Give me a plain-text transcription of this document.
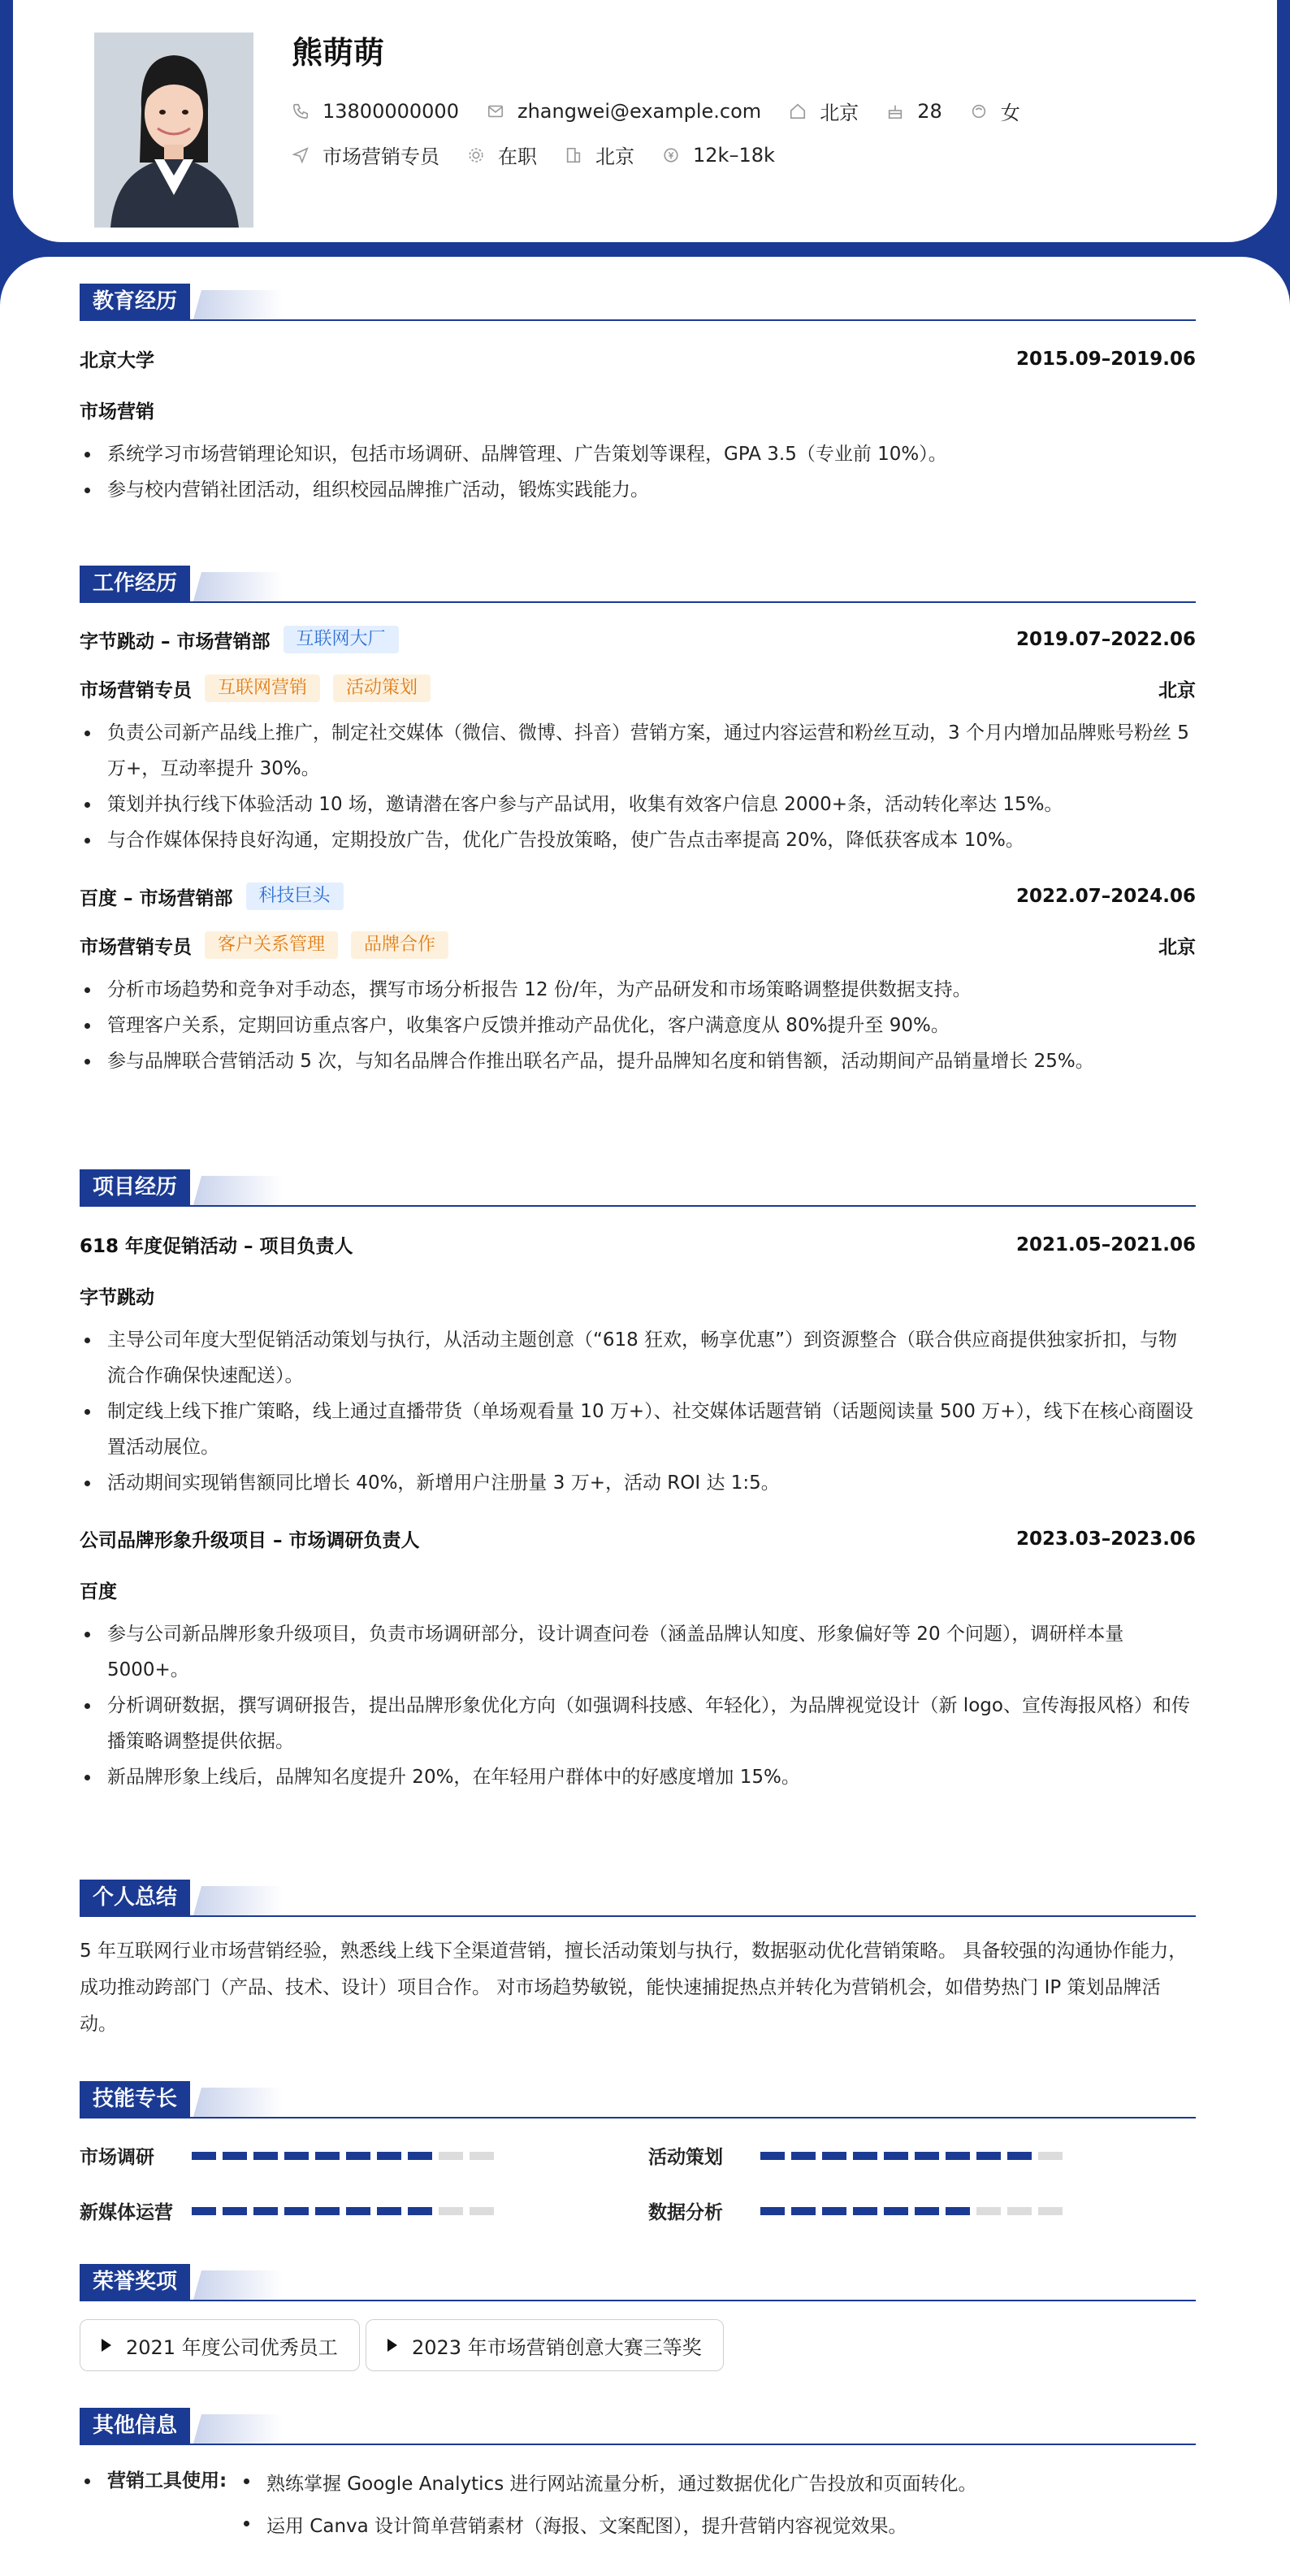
熊萌萌
13800000000	zhangwei@example.com	北京	28	女
市场营销专员	在职	北京	12k–18k
教育经历
北京大学	2015.09–2019.06
市场营销
系统学习市场营销理论知识，包括市场调研、品牌管理、广告策划等课程，GPA 3.5（专业前 10%）。
参与校内营销社团活动，组织校园品牌推广活动，锻炼实践能力。
工作经历
字节跳动 – 市场营销部	互联网大厂	2019.07–2022.06
市场营销专员	互联网营销	活动策划	北京
负责公司新产品线上推广，制定社交媒体（微信、微博、抖音）营销方案，通过内容运营和粉丝互动，3 个月内增加品牌账号粉丝 5 万+，互动率提升 30%。
策划并执行线下体验活动 10 场，邀请潜在客户参与产品试用，收集有效客户信息 2000+条，活动转化率达 15%。
与合作媒体保持良好沟通，定期投放广告，优化广告投放策略，使广告点击率提高 20%，降低获客成本 10%。
百度 – 市场营销部	科技巨头	2022.07–2024.06
市场营销专员	客户关系管理	品牌合作	北京
分析市场趋势和竞争对手动态，撰写市场分析报告 12 份/年，为产品研发和市场策略调整提供数据支持。
管理客户关系，定期回访重点客户，收集客户反馈并推动产品优化，客户满意度从 80%提升至 90%。
参与品牌联合营销活动 5 次，与知名品牌合作推出联名产品，提升品牌知名度和销售额，活动期间产品销量增长 25%。
项目经历
618 年度促销活动 – 项目负责人	2021.05–2021.06
字节跳动
主导公司年度大型促销活动策划与执行，从活动主题创意（“618 狂欢，畅享优惠”）到资源整合（联合供应商提供独家折扣，与物流合作确保快速配送）。
制定线上线下推广策略，线上通过直播带货（单场观看量 10 万+）、社交媒体话题营销（话题阅读量 500 万+），线下在核心商圈设置活动展位。
活动期间实现销售额同比增长 40%，新增用户注册量 3 万+，活动 ROI 达 1:5。
公司品牌形象升级项目 – 市场调研负责人	2023.03–2023.06
百度
参与公司新品牌形象升级项目，负责市场调研部分，设计调查问卷（涵盖品牌认知度、形象偏好等 20 个问题），调研样本量 5000+。
分析调研数据，撰写调研报告，提出品牌形象优化方向（如强调科技感、年轻化），为品牌视觉设计（新 logo、宣传海报风格）和传播策略调整提供依据。
新品牌形象上线后，品牌知名度提升 20%，在年轻用户群体中的好感度增加 15%。
个人总结

5 年互联网行业市场营销经验，熟悉线上线下全渠道营销，擅长活动策划与执行，数据驱动优化营销策略。 具备较强的沟通协作能力，成功推动跨部门（产品、技术、设计）项目合作。 对市场趋势敏锐，能快速捕捉热点并转化为营销机会，如借势热门 IP 策划品牌活动。

技能专长
市场调研	活动策划
新媒体运营	数据分析
荣誉奖项
2021 年度公司优秀员工	2023 年市场营销创意大赛三等奖
其他信息
营销工具使用:	熟练掌握 Google Analytics 进行网站流量分析，通过数据优化广告投放和页面转化。
运用 Canva 设计简单营销素材（海报、文案配图），提升营销内容视觉效果。
